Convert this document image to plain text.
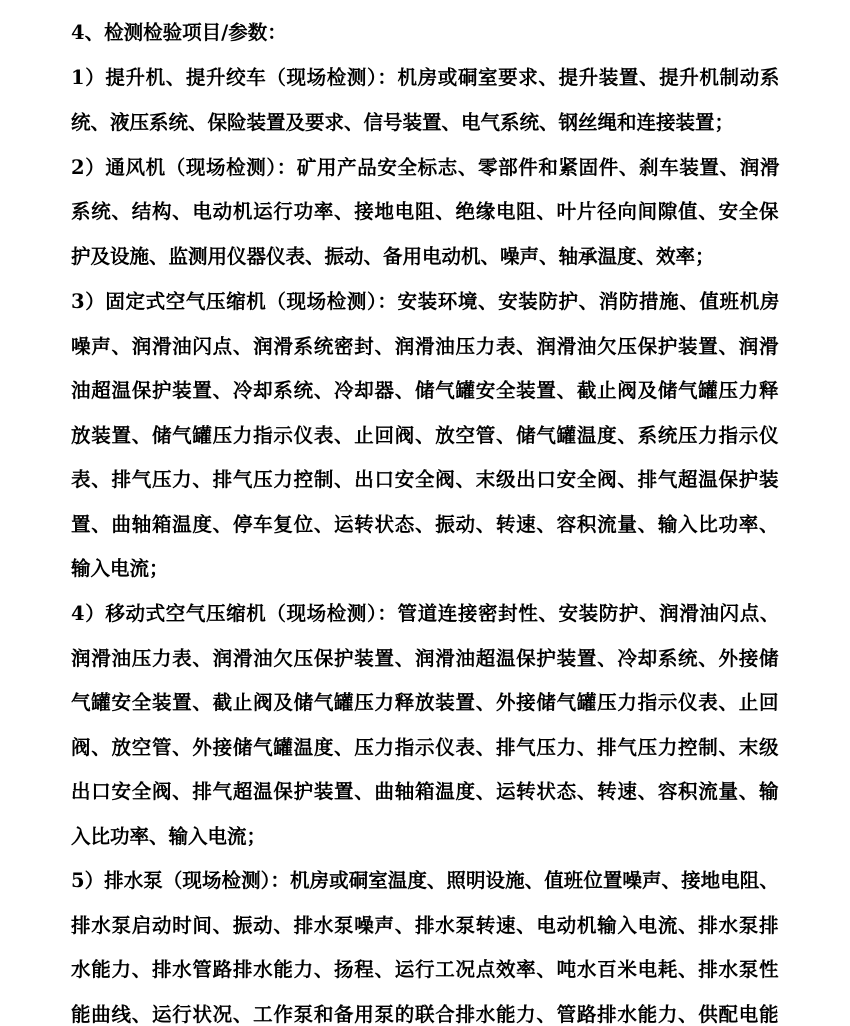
4、检测检验项目/参数：
1）提升机、提升绞车（现场检测）：机房或硐室要求、提升装置、提升机制动系
统、液压系统、保险装置及要求、信号装置、电气系统、钢丝绳和连接装置；
2）通风机（现场检测）：矿用产品安全标志、零部件和紧固件、刹车装置、润滑
系统、结构、电动机运行功率、接地电阻、绝缘电阻、叶片径向间隙值、安全保
护及设施、监测用仪器仪表、振动、备用电动机、噪声、轴承温度、效率；
3）固定式空气压缩机（现场检测）：安装环境、安装防护、消防措施、值班机房
噪声、润滑油闪点、润滑系统密封、润滑油压力表、润滑油欠压保护装置、润滑
油超温保护装置、冷却系统、冷却器、储气罐安全装置、截止阀及储气罐压力释
放装置、储气罐压力指示仪表、止回阀、放空管、储气罐温度、系统压力指示仪
表、排气压力、排气压力控制、出口安全阀、末级出口安全阀、排气超温保护装
置、曲轴箱温度、停车复位、运转状态、振动、转速、容积流量、输入比功率、
输入电流；
4）移动式空气压缩机（现场检测）：管道连接密封性、安装防护、润滑油闪点、
润滑油压力表、润滑油欠压保护装置、润滑油超温保护装置、冷却系统、外接储
气罐安全装置、截止阀及储气罐压力释放装置、外接储气罐压力指示仪表、止回
阀、放空管、外接储气罐温度、压力指示仪表、排气压力、排气压力控制、末级
出口安全阀、排气超温保护装置、曲轴箱温度、运转状态、转速、容积流量、输
入比功率、输入电流；
5）排水泵（现场检测）：机房或硐室温度、照明设施、值班位置噪声、接地电阻、
排水泵启动时间、振动、排水泵噪声、排水泵转速、电动机输入电流、排水泵排
水能力、排水管路排水能力、扬程、运行工况点效率、吨水百米电耗、排水泵性
能曲线、运行状况、工作泵和备用泵的联合排水能力、管路排水能力、供配电能
